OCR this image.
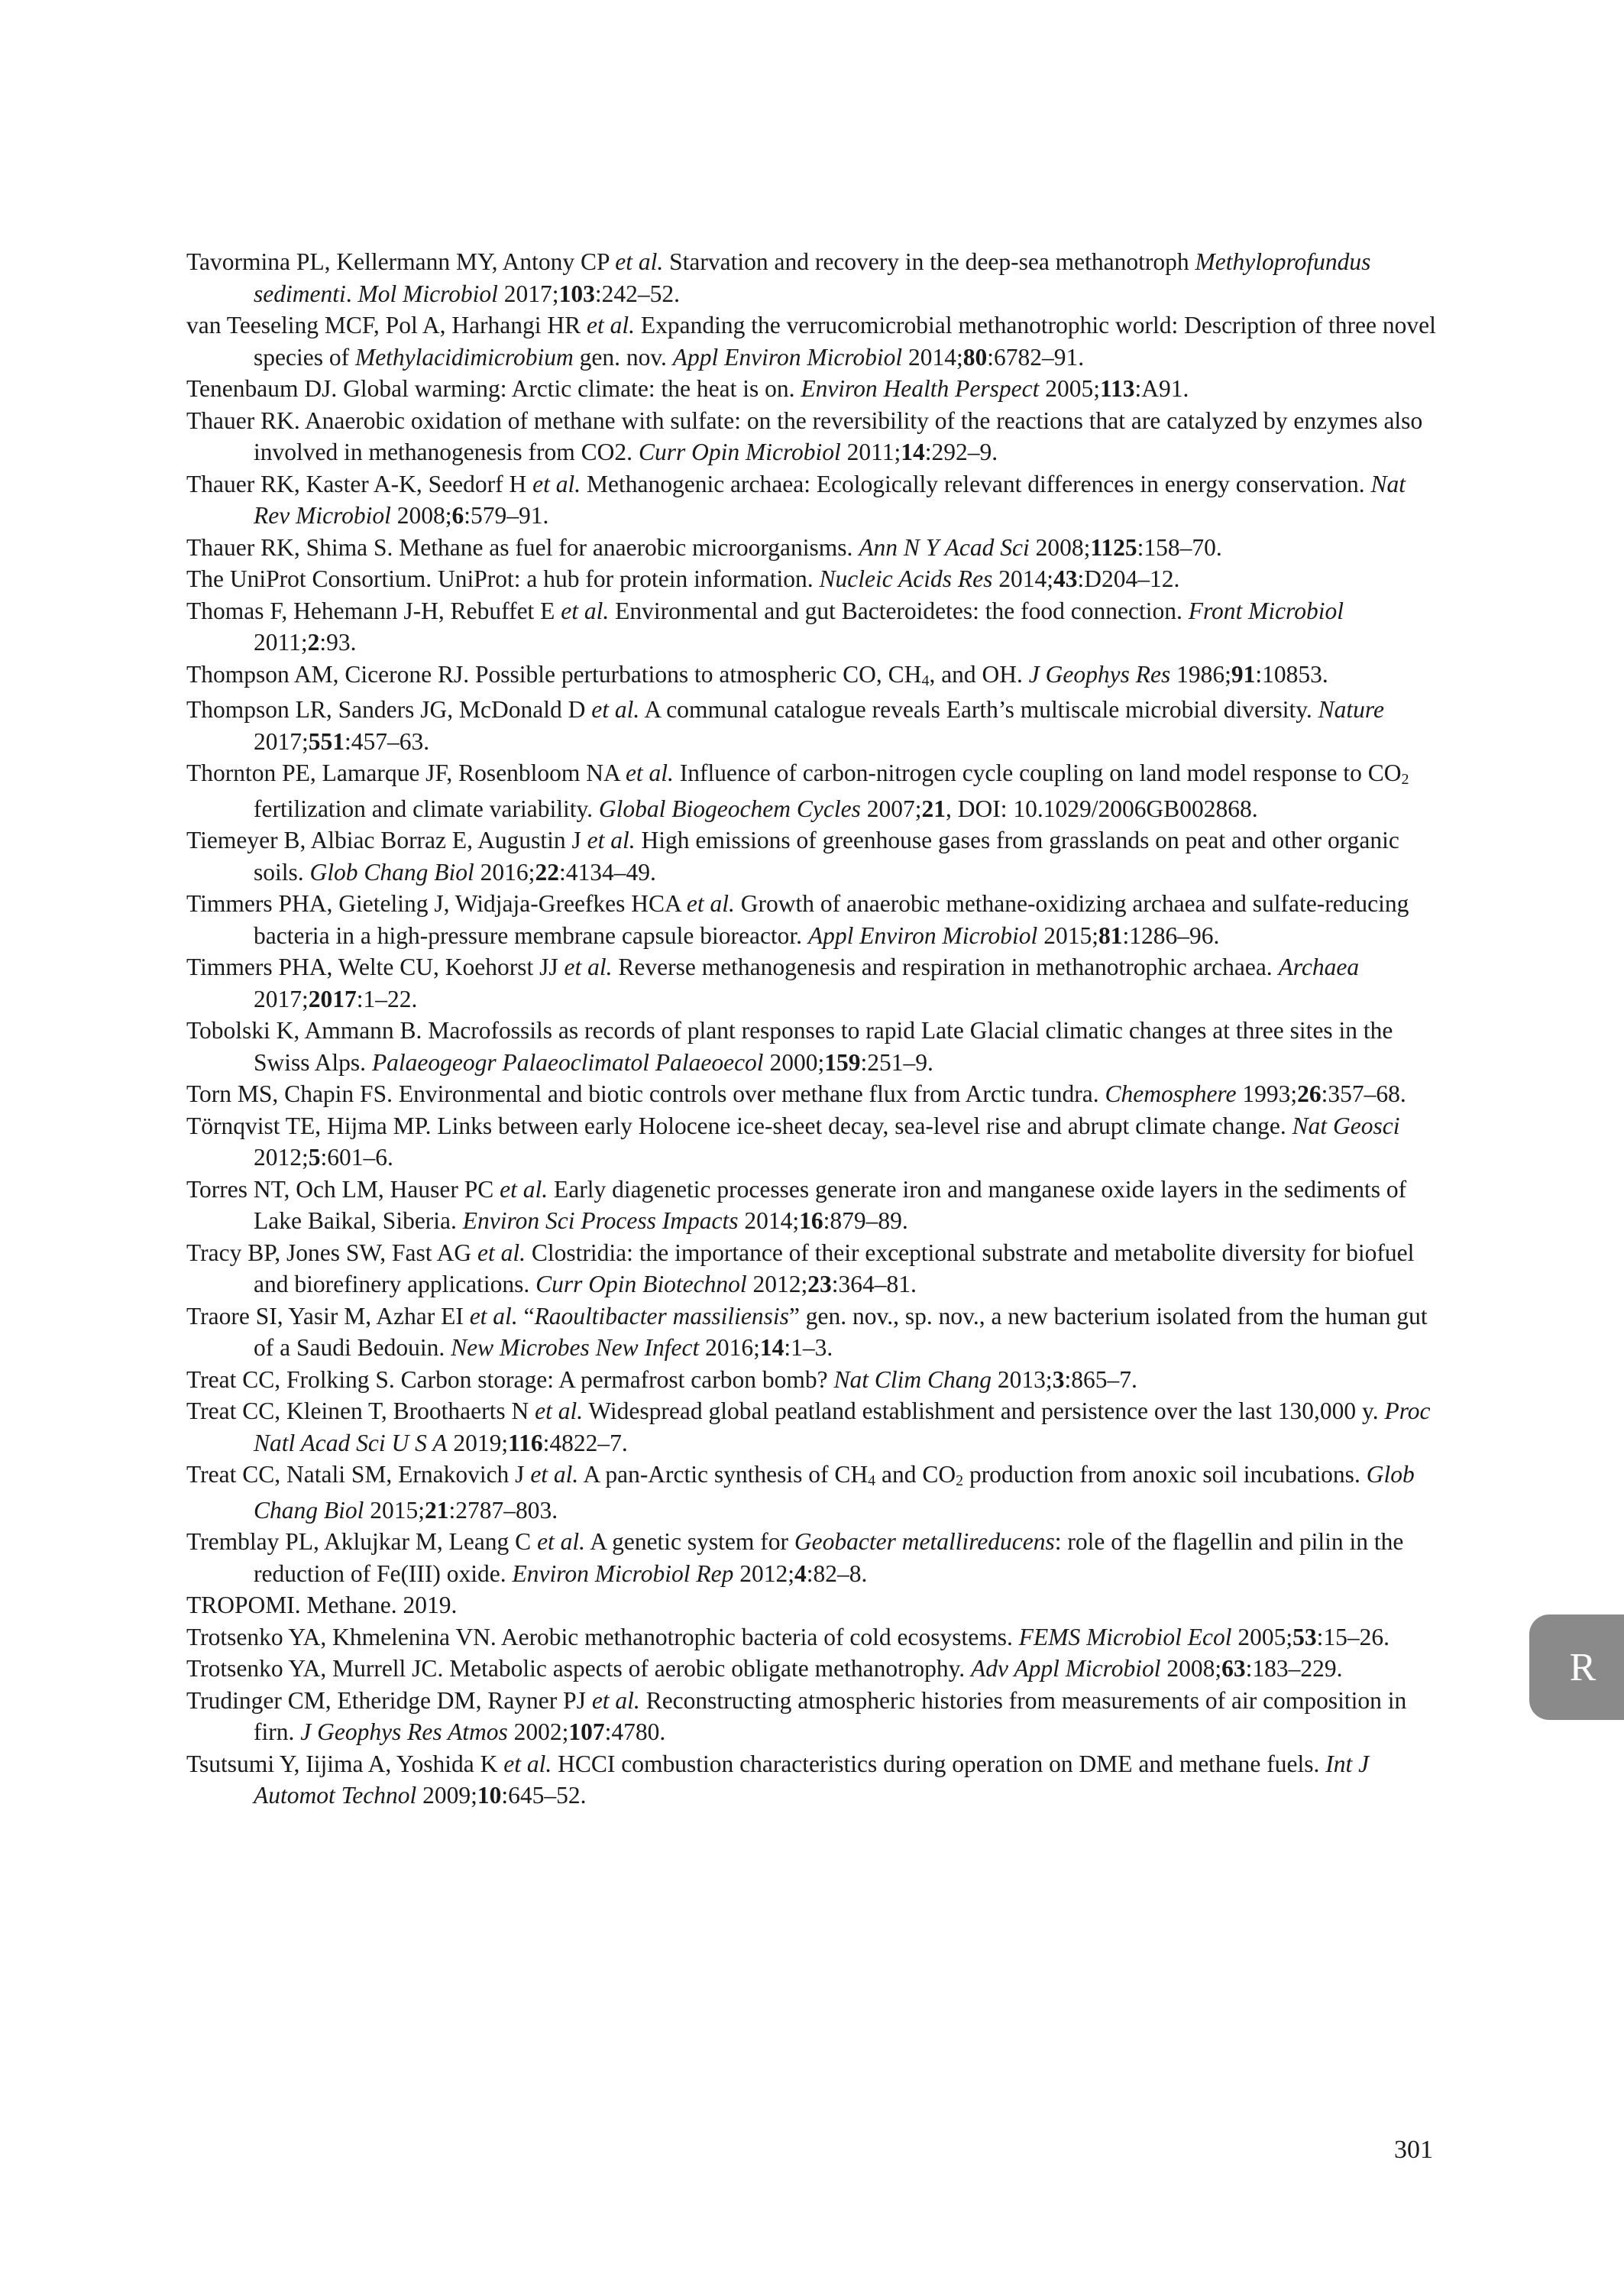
Tavormina PL, Kellermann MY, Antony CP et al. Starvation and recovery in the deep-sea methanotroph Methyloprofundus sedimenti. Mol Microbiol 2017;103:242–52.

van Teeseling MCF, Pol A, Harhangi HR et al. Expanding the verrucomicrobial methanotrophic world: Description of three novel species of Methylacidimicrobium gen. nov. Appl Environ Microbiol 2014;80:6782–91.

Tenenbaum DJ. Global warming: Arctic climate: the heat is on. Environ Health Perspect 2005;113:A91.

Thauer RK. Anaerobic oxidation of methane with sulfate: on the reversibility of the reactions that are catalyzed by enzymes also involved in methanogenesis from CO2. Curr Opin Microbiol 2011;14:292–9.

Thauer RK, Kaster A-K, Seedorf H et al. Methanogenic archaea: Ecologically relevant differences in energy conservation. Nat Rev Microbiol 2008;6:579–91.

Thauer RK, Shima S. Methane as fuel for anaerobic microorganisms. Ann N Y Acad Sci 2008;1125:158–70.

The UniProt Consortium. UniProt: a hub for protein information. Nucleic Acids Res 2014;43:D204–12.

Thomas F, Hehemann J-H, Rebuffet E et al. Environmental and gut Bacteroidetes: the food connection. Front Microbiol 2011;2:93.

Thompson AM, Cicerone RJ. Possible perturbations to atmospheric CO, $CH_4$, and OH. J Geophys Res 1986;91:10853.

Thompson LR, Sanders JG, McDonald D et al. A communal catalogue reveals Earth’s multiscale microbial diversity. Nature 2017;551:457–63.

Thornton PE, Lamarque JF, Rosenbloom NA et al. Influence of carbon-nitrogen cycle coupling on land model response to $CO_2$ fertilization and climate variability. Global Biogeochem Cycles 2007;21, DOI: 10.1029/2006GB002868.

Tiemeyer B, Albiac Borraz E, Augustin J et al. High emissions of greenhouse gases from grasslands on peat and other organic soils. Glob Chang Biol 2016;22:4134–49.

Timmers PHA, Gieteling J, Widjaja-Greefkes HCA et al. Growth of anaerobic methane-oxidizing archaea and sulfate-reducing bacteria in a high-pressure membrane capsule bioreactor. Appl Environ Microbiol 2015;81:1286–96.

Timmers PHA, Welte CU, Koehorst JJ et al. Reverse methanogenesis and respiration in methanotrophic archaea. Archaea 2017;2017:1–22.

Tobolski K, Ammann B. Macrofossils as records of plant responses to rapid Late Glacial climatic changes at three sites in the Swiss Alps. Palaeogeogr Palaeoclimatol Palaeoecol 2000;159:251–9.

Torn MS, Chapin FS. Environmental and biotic controls over methane flux from Arctic tundra. Chemosphere 1993;26:357–68.

Törnqvist TE, Hijma MP. Links between early Holocene ice-sheet decay, sea-level rise and abrupt climate change. Nat Geosci 2012;5:601–6.

Torres NT, Och LM, Hauser PC et al. Early diagenetic processes generate iron and manganese oxide layers in the sediments of Lake Baikal, Siberia. Environ Sci Process Impacts 2014;16:879–89.

Tracy BP, Jones SW, Fast AG et al. Clostridia: the importance of their exceptional substrate and metabolite diversity for biofuel and biorefinery applications. Curr Opin Biotechnol 2012;23:364–81.

Traore SI, Yasir M, Azhar EI et al. “Raoultibacter massiliensis” gen. nov., sp. nov., a new bacterium isolated from the human gut of a Saudi Bedouin. New Microbes New Infect 2016;14:1–3.

Treat CC, Frolking S. Carbon storage: A permafrost carbon bomb? Nat Clim Chang 2013;3:865–7.

Treat CC, Kleinen T, Broothaerts N et al. Widespread global peatland establishment and persistence over the last 130,000 y. Proc Natl Acad Sci U S A 2019;116:4822–7.

Treat CC, Natali SM, Ernakovich J et al. A pan-Arctic synthesis of $CH_4$ and $CO_2$ production from anoxic soil incubations. Glob Chang Biol 2015;21:2787–803.

Tremblay PL, Aklujkar M, Leang C et al. A genetic system for Geobacter metallireducens: role of the flagellin and pilin in the reduction of Fe(III) oxide. Environ Microbiol Rep 2012;4:82–8.

TROPOMI. Methane. 2019.

Trotsenko YA, Khmelenina VN. Aerobic methanotrophic bacteria of cold ecosystems. FEMS Microbiol Ecol 2005;53:15–26.

Trotsenko YA, Murrell JC. Metabolic aspects of aerobic obligate methanotrophy. Adv Appl Microbiol 2008;63:183–229.

Trudinger CM, Etheridge DM, Rayner PJ et al. Reconstructing atmospheric histories from measurements of air composition in firn. J Geophys Res Atmos 2002;107:4780.

Tsutsumi Y, Iijima A, Yoshida K et al. HCCI combustion characteristics during operation on DME and methane fuels. Int J Automot Technol 2009;10:645–52.

R
301
